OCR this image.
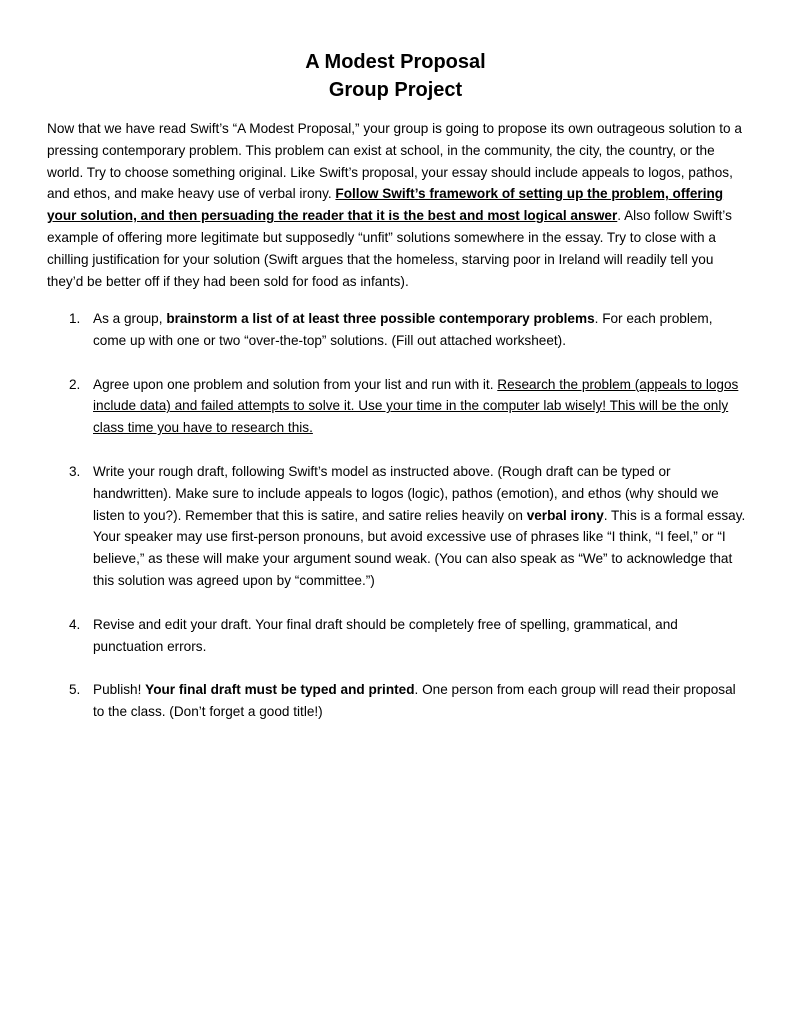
A Modest Proposal

Group Project

Now that we have read Swift’s “A Modest Proposal,” your group is going to propose its own outrageous solution to a pressing contemporary problem. This problem can exist at school, in the community, the city, the country, or the world. Try to choose something original. Like Swift’s proposal, your essay should include appeals to logos, pathos, and ethos, and make heavy use of verbal irony. Follow Swift’s framework of setting up the problem, offering your solution, and then persuading the reader that it is the best and most logical answer. Also follow Swift’s example of offering more legitimate but supposedly “unfit” solutions somewhere in the essay. Try to close with a chilling justification for your solution (Swift argues that the homeless, starving poor in Ireland will readily tell you they’d be better off if they had been sold for food as infants).
1. As a group, brainstorm a list of at least three possible contemporary problems. For each problem, come up with one or two “over-the-top” solutions. (Fill out attached worksheet).
2. Agree upon one problem and solution from your list and run with it. Research the problem (appeals to logos include data) and failed attempts to solve it. Use your time in the computer lab wisely! This will be the only class time you have to research this.
3. Write your rough draft, following Swift’s model as instructed above. (Rough draft can be typed or handwritten). Make sure to include appeals to logos (logic), pathos (emotion), and ethos (why should we listen to you?). Remember that this is satire, and satire relies heavily on verbal irony. This is a formal essay. Your speaker may use first-person pronouns, but avoid excessive use of phrases like “I think, “I feel,” or “I believe,” as these will make your argument sound weak. (You can also speak as “We” to acknowledge that this solution was agreed upon by “committee.”)
4. Revise and edit your draft. Your final draft should be completely free of spelling, grammatical, and punctuation errors.
5. Publish! Your final draft must be typed and printed. One person from each group will read their proposal to the class. (Don’t forget a good title!)
